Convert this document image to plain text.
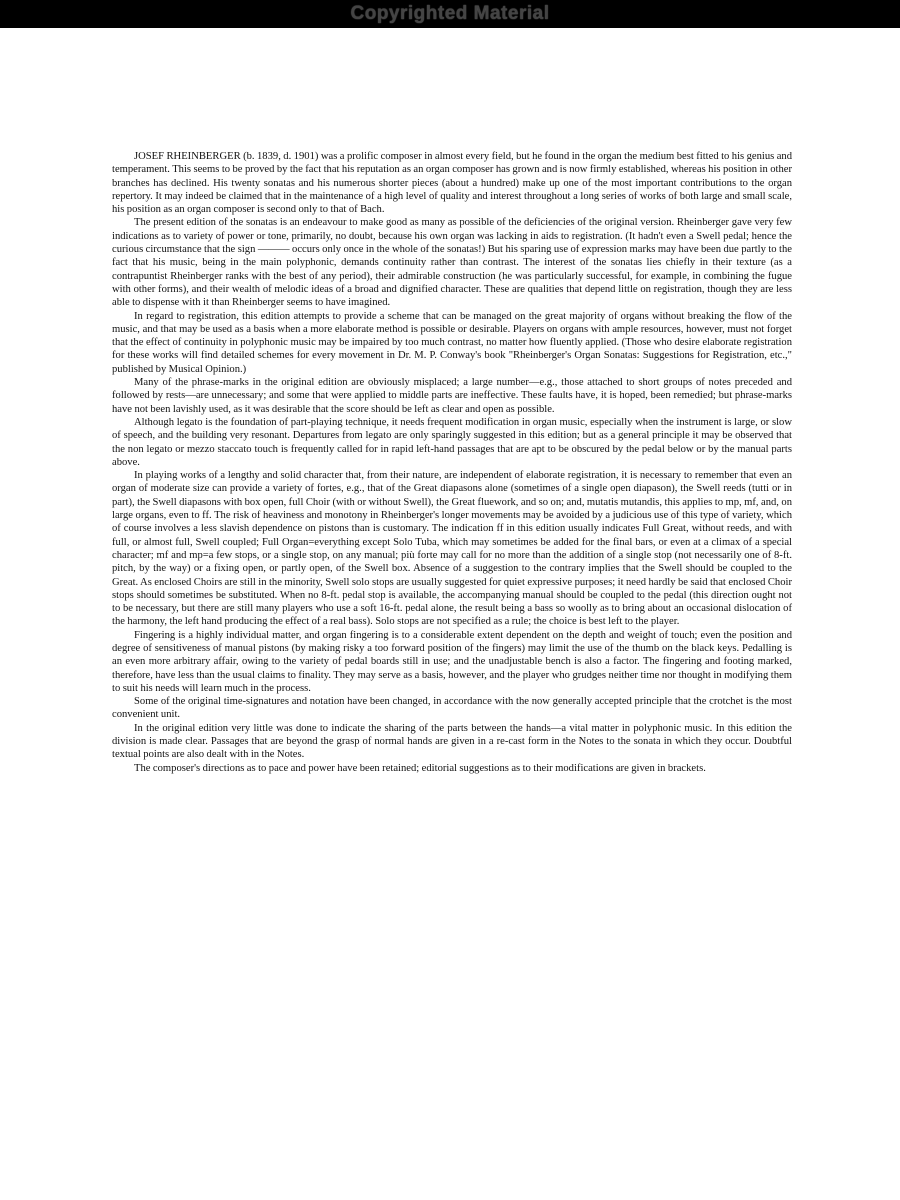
Copyrighted Material

JOSEF RHEINBERGER (b. 1839, d. 1901) was a prolific composer in almost every field, but he found in the organ the medium best fitted to his genius and temperament. This seems to be proved by the fact that his reputation as an organ composer has grown and is now firmly established, whereas his position in other branches has declined. His twenty sonatas and his numerous shorter pieces (about a hundred) make up one of the most important contributions to the organ repertory. It may indeed be claimed that in the maintenance of a high level of quality and interest throughout a long series of works of both large and small scale, his position as an organ composer is second only to that of Bach.

The present edition of the sonatas is an endeavour to make good as many as possible of the deficiencies of the original version. Rheinberger gave very few indications as to variety of power or tone, primarily, no doubt, because his own organ was lacking in aids to registration. (It hadn't even a Swell pedal; hence the curious circumstance that the sign ——— occurs only once in the whole of the sonatas!) But his sparing use of expression marks may have been due partly to the fact that his music, being in the main polyphonic, demands continuity rather than contrast. The interest of the sonatas lies chiefly in their texture (as a contrapuntist Rheinberger ranks with the best of any period), their admirable construction (he was particularly successful, for example, in combining the fugue with other forms), and their wealth of melodic ideas of a broad and dignified character. These are qualities that depend little on registration, though they are less able to dispense with it than Rheinberger seems to have imagined.

In regard to registration, this edition attempts to provide a scheme that can be managed on the great majority of organs without breaking the flow of the music, and that may be used as a basis when a more elaborate method is possible or desirable. Players on organs with ample resources, however, must not forget that the effect of continuity in polyphonic music may be impaired by too much contrast, no matter how fluently applied. (Those who desire elaborate registration for these works will find detailed schemes for every movement in Dr. M. P. Conway's book "Rheinberger's Organ Sonatas: Suggestions for Registration, etc.," published by Musical Opinion.)

Many of the phrase-marks in the original edition are obviously misplaced; a large number—e.g., those attached to short groups of notes preceded and followed by rests—are unnecessary; and some that were applied to middle parts are ineffective. These faults have, it is hoped, been remedied; but phrase-marks have not been lavishly used, as it was desirable that the score should be left as clear and open as possible.

Although legato is the foundation of part-playing technique, it needs frequent modification in organ music, especially when the instrument is large, or slow of speech, and the building very resonant. Departures from legato are only sparingly suggested in this edition; but as a general principle it may be observed that the non legato or mezzo staccato touch is frequently called for in rapid left-hand passages that are apt to be obscured by the pedal below or by the manual parts above.

In playing works of a lengthy and solid character that, from their nature, are independent of elaborate registration, it is necessary to remember that even an organ of moderate size can provide a variety of fortes, e.g., that of the Great diapasons alone (sometimes of a single open diapason), the Swell reeds (tutti or in part), the Swell diapasons with box open, full Choir (with or without Swell), the Great fluework, and so on; and, mutatis mutandis, this applies to mp, mf, and, on large organs, even to ff. The risk of heaviness and monotony in Rheinberger's longer movements may be avoided by a judicious use of this type of variety, which of course involves a less slavish dependence on pistons than is customary. The indication ff in this edition usually indicates Full Great, without reeds, and with full, or almost full, Swell coupled; Full Organ=everything except Solo Tuba, which may sometimes be added for the final bars, or even at a climax of a special character; mf and mp=a few stops, or a single stop, on any manual; più forte may call for no more than the addition of a single stop (not necessarily one of 8-ft. pitch, by the way) or a fixing open, or partly open, of the Swell box. Absence of a suggestion to the contrary implies that the Swell should be coupled to the Great. As enclosed Choirs are still in the minority, Swell solo stops are usually suggested for quiet expressive purposes; it need hardly be said that enclosed Choir stops should sometimes be substituted. When no 8-ft. pedal stop is available, the accompanying manual should be coupled to the pedal (this direction ought not to be necessary, but there are still many players who use a soft 16-ft. pedal alone, the result being a bass so woolly as to bring about an occasional dislocation of the harmony, the left hand producing the effect of a real bass). Solo stops are not specified as a rule; the choice is best left to the player.

Fingering is a highly individual matter, and organ fingering is to a considerable extent dependent on the depth and weight of touch; even the position and degree of sensitiveness of manual pistons (by making risky a too forward position of the fingers) may limit the use of the thumb on the black keys. Pedalling is an even more arbitrary affair, owing to the variety of pedal boards still in use; and the unadjustable bench is also a factor. The fingering and footing marked, therefore, have less than the usual claims to finality. They may serve as a basis, however, and the player who grudges neither time nor thought in modifying them to suit his needs will learn much in the process.

Some of the original time-signatures and notation have been changed, in accordance with the now generally accepted principle that the crotchet is the most convenient unit.

In the original edition very little was done to indicate the sharing of the parts between the hands—a vital matter in polyphonic music. In this edition the division is made clear. Passages that are beyond the grasp of normal hands are given in a re-cast form in the Notes to the sonata in which they occur. Doubtful textual points are also dealt with in the Notes.

The composer's directions as to pace and power have been retained; editorial suggestions as to their modifications are given in brackets.
